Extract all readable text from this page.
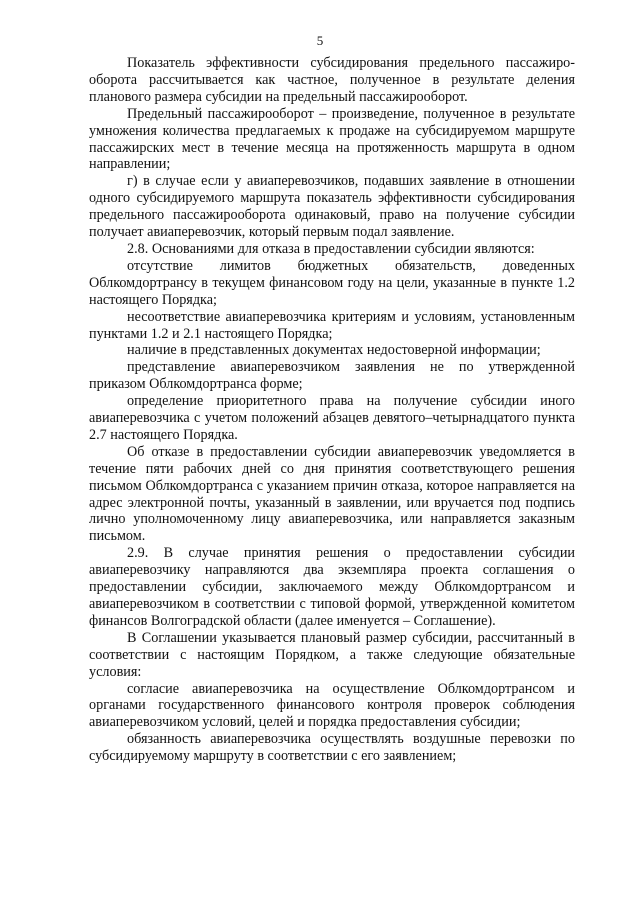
5

Показатель эффективности субсидирования предельного пассажиро-оборота рассчитывается как частное, полученное в результате деления планового размера субсидии на предельный пассажирооборот.

Предельный пассажирооборот – произведение, полученное в результате умножения количества предлагаемых к продаже на субсидируемом маршруте пассажирских мест в течение месяца на протяженность маршрута в одном направлении;

г) в случае если у авиаперевозчиков, подавших заявление в отношении одного субсидируемого маршрута показатель эффективности субсидирования предельного пассажирооборота одинаковый, право на получение субсидии получает авиаперевозчик, который первым подал заявление.

2.8. Основаниями для отказа в предоставлении субсидии являются:

отсутствие лимитов бюджетных обязательств, доведенных Облкомдортрансу в текущем финансовом году на цели, указанные в пункте 1.2 настоящего Порядка;

несоответствие авиаперевозчика критериям и условиям, установленным пунктами 1.2 и 2.1 настоящего Порядка;

наличие в представленных документах недостоверной информации;

представление авиаперевозчиком заявления не по утвержденной приказом Облкомдортранса форме;

определение приоритетного права на получение субсидии иного авиаперевозчика с учетом положений абзацев девятого–четырнадцатого пункта 2.7 настоящего Порядка.

Об отказе в предоставлении субсидии авиаперевозчик уведомляется в течение пяти рабочих дней со дня принятия соответствующего решения письмом Облкомдортранса с указанием причин отказа, которое направляется на адрес электронной почты, указанный в заявлении, или вручается под подпись лично уполномоченному лицу авиаперевозчика, или направляется заказным письмом.

2.9. В случае принятия решения о предоставлении субсидии авиаперевозчику направляются два экземпляра проекта соглашения о предоставлении субсидии, заключаемого между Облкомдортрансом и авиаперевозчиком в соответствии с типовой формой, утвержденной комитетом финансов Волгоградской области (далее именуется – Соглашение).

В Соглашении указывается плановый размер субсидии, рассчитанный в соответствии с настоящим Порядком, а также следующие обязательные условия:

согласие авиаперевозчика на осуществление Облкомдортрансом и органами государственного финансового контроля проверок соблюдения авиаперевозчиком условий, целей и порядка предоставления субсидии;

обязанность авиаперевозчика осуществлять воздушные перевозки по субсидируемому маршруту в соответствии с его заявлением;
